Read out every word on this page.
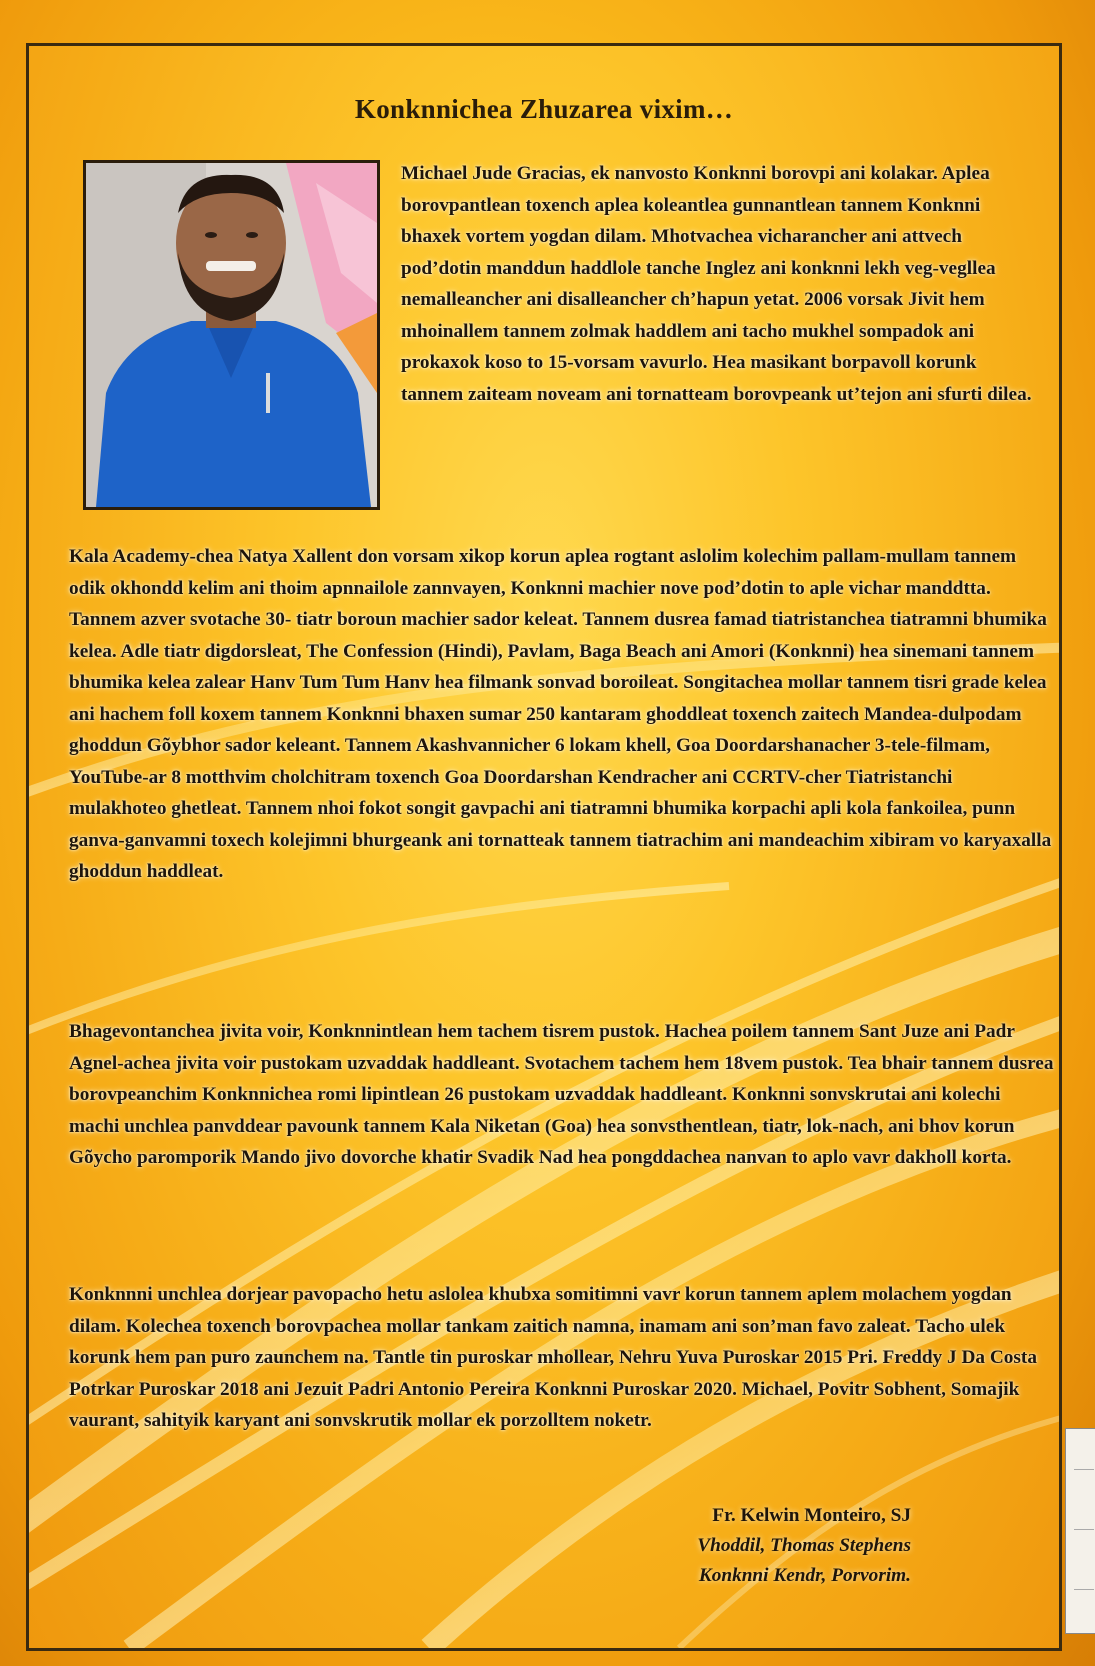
Konknnichea Zhuzarea vixim…

Michael Jude Gracias, ek nanvosto Konknni borovpi ani kolakar. Aplea borovpantlean toxench aplea koleantlea gunnantlean tannem Konknni bhaxek vortem yogdan dilam. Mhotvachea vicharancher ani attvech pod’dotin manddun haddlole tanche Inglez ani konknni lekh veg-vegllea nemalleancher ani disalleancher ch’hapun yetat. 2006 vorsak Jivit hem mhoinallem tannem zolmak haddlem ani tacho mukhel sompadok ani prokaxok koso to 15-vorsam vavurlo. Hea masikant borpavoll korunk tannem zaiteam noveam ani tornatteam borovpeank ut’tejon ani sfurti dilea.

Kala Academy-chea Natya Xallent don vorsam xikop korun aplea rogtant aslolim kolechim pallam-mullam tannem odik okhondd kelim ani thoim apnnailole zannvayen, Konknni machier nove pod’dotin to aple vichar manddtta. Tannem azver svotache 30- tiatr boroun machier sador keleat. Tannem dusrea famad tiatristanchea tiatramni bhumika kelea. Adle tiatr digdorsleat, The Confession (Hindi), Pavlam, Baga Beach ani Amori (Konknni) hea sinemani tannem bhumika kelea zalear Hanv Tum Tum Hanv hea filmank sonvad boroileat. Songitachea mollar tannem tisri grade kelea ani hachem foll koxem tannem Konknni bhaxen sumar 250 kantaram ghoddleat toxench zaitech Mandea-dulpodam ghoddun Gõybhor sador keleant. Tannem Akashvannicher 6 lokam khell, Goa Doordarshanacher 3-tele-filmam, YouTube-ar 8 motthvim cholchitram toxench Goa Doordarshan Kendracher ani CCRTV-cher Tiatristanchi mulakhoteo ghetleat. Tannem nhoi fokot songit gavpachi ani tiatramni bhumika korpachi apli kola fankoilea, punn ganva-ganvamni toxech kolejimni bhurgeank ani tornatteak tannem tiatrachim ani mandeachim xibiram vo karyaxalla ghoddun haddleat.

Bhagevontanchea jivita voir, Konknnintlean hem tachem tisrem pustok. Hachea poilem tannem Sant Juze ani Padr Agnel-achea jivita voir pustokam uzvaddak haddleant. Svotachem tachem hem 18vem pustok. Tea bhair tannem dusrea borovpeanchim Konknnichea romi lipintlean 26 pustokam uzvaddak haddleant. Konknni sonvskrutai ani kolechi machi unchlea panvddear pavounk tannem Kala Niketan (Goa) hea sonvsthentlean, tiatr, lok-nach, ani bhov korun Gõycho paromporik Mando jivo dovorche khatir Svadik Nad hea pongddachea nanvan to aplo vavr dakholl korta.

Konknnni unchlea dorjear pavopacho hetu aslolea khubxa somitimni vavr korun tannem aplem molachem yogdan dilam. Kolechea toxench borovpachea mollar tankam zaitich namna, inamam ani son’man favo zaleat. Tacho ulek korunk hem pan puro zaunchem na. Tantle tin puroskar mhollear, Nehru Yuva Puroskar 2015 Pri. Freddy J Da Costa Potrkar Puroskar 2018 ani Jezuit Padri Antonio Pereira Konknni Puroskar 2020. Michael, Povitr Sobhent, Somajik vaurant, sahityik karyant ani sonvskrutik mollar ek porzolltem noketr.

Fr. Kelwin Monteiro, SJ
Vhoddil, Thomas Stephens
Konknni Kendr, Porvorim.
